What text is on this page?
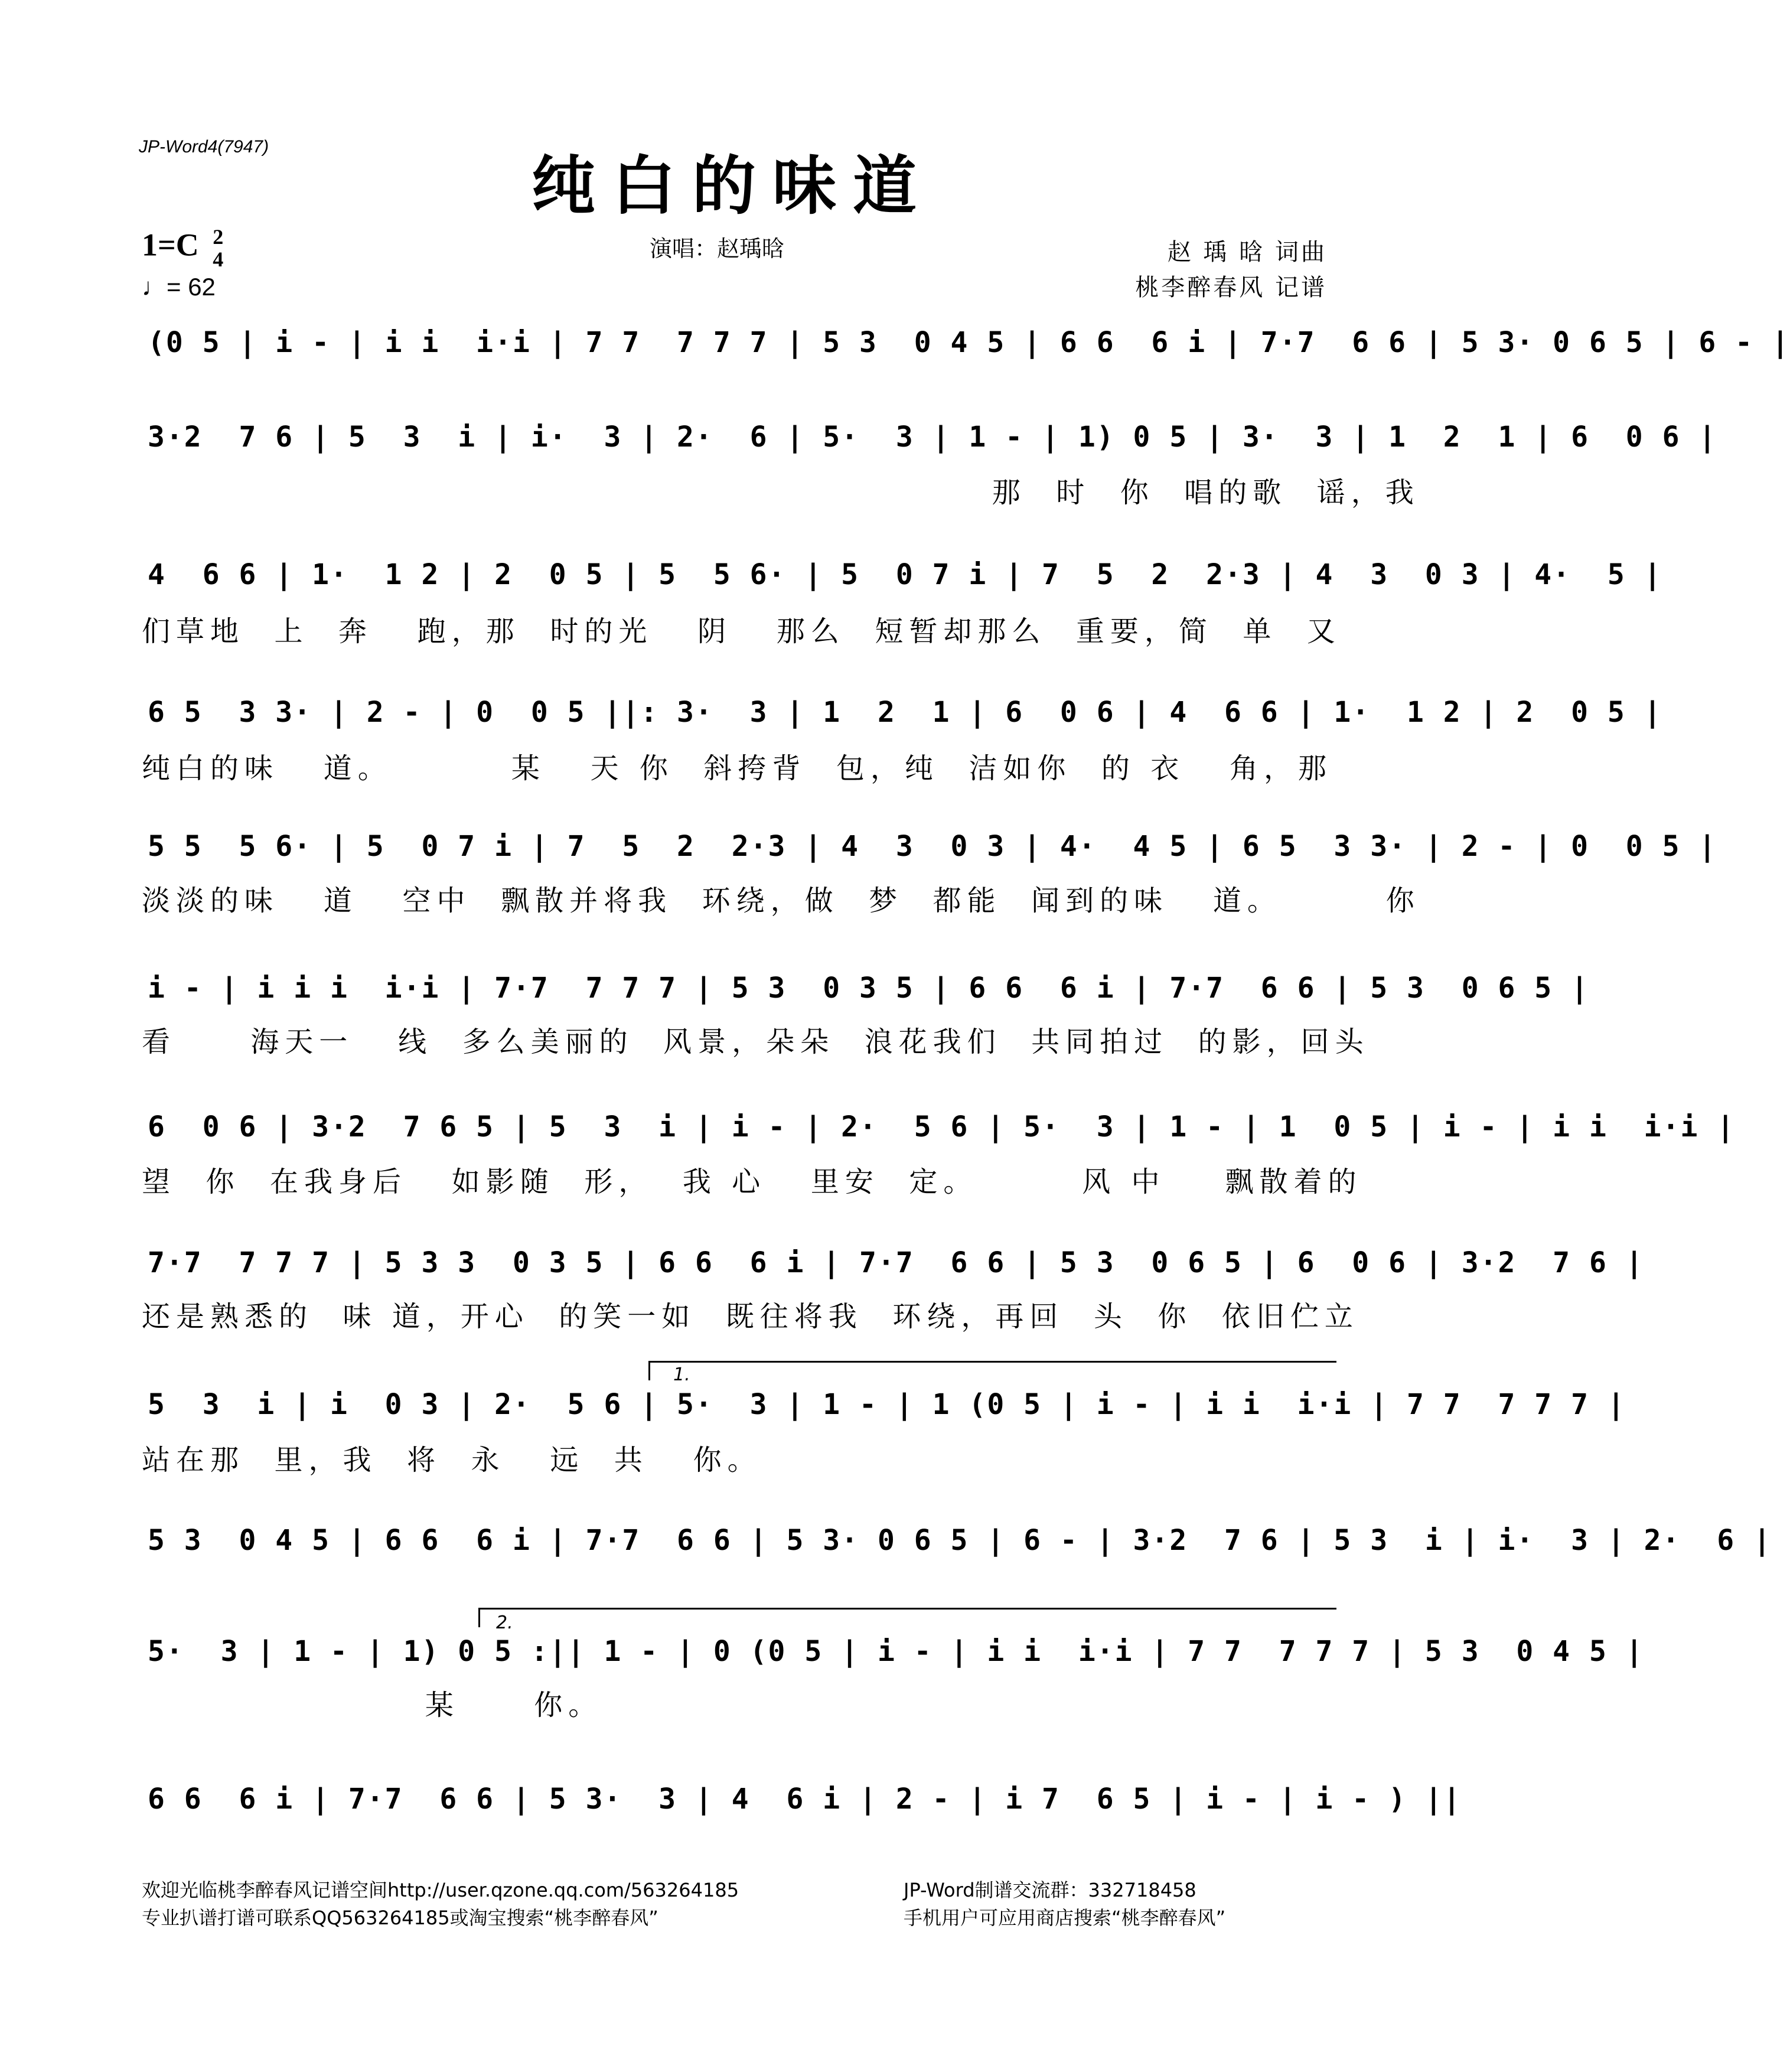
JP-Word4(7947)
纯白的味道
1=C 2
4
♩= 62
演唱：赵瑀晗	赵 瑀 晗 词曲
桃李醉春风 记谱
(0 5 | i - | i i  i·i | 7 7  7 7 7 | 5 3  0 4 5 | 6 6  6 i | 7·7  6 6 | 5 3· 0 6 5 | 6 - |
3·2  7 6 | 5  3  i | i·  3 | 2·  6 | 5·  3 | 1 - | 1) 0 5 | 3·  3 | 1  2  1 | 6  0 6 |
那  时  你  唱的歌  谣，我
4  6 6 | 1·  1 2 | 2  0 5 | 5  5 6· | 5  0 7 i | 7  5  2  2·3 | 4  3  0 3 | 4·  5 |
们草地  上  奔   跑，那  时的光   阴   那么  短暂却那么  重要，简  单  又
6 5  3 3· | 2 - | 0  0 5 ||: 3·  3 | 1  2  1 | 6  0 6 | 4  6 6 | 1·  1 2 | 2  0 5 |
纯白的味   道。        某   天 你  斜挎背  包，纯  洁如你  的 衣   角，那
5 5  5 6· | 5  0 7 i | 7  5  2  2·3 | 4  3  0 3 | 4·  4 5 | 6 5  3 3· | 2 - | 0  0 5 |
淡淡的味   道   空中  飘散并将我  环绕，做  梦  都能  闻到的味   道。       你
i - | i i i  i·i | 7·7  7 7 7 | 5 3  0 3 5 | 6 6  6 i | 7·7  6 6 | 5 3  0 6 5 |
看     海天一   线  多么美丽的  风景，朵朵  浪花我们  共同拍过  的影，回头
6  0 6 | 3·2  7 6 5 | 5  3  i | i - | 2·  5 6 | 5·  3 | 1 - | 1  0 5 | i - | i i  i·i |
望  你  在我身后   如影随  形，  我 心   里安  定。       风 中    飘散着的
7·7  7 7 7 | 5 3 3  0 3 5 | 6 6  6 i | 7·7  6 6 | 5 3  0 6 5 | 6  0 6 | 3·2  7 6 |
还是熟悉的  味 道，开心  的笑一如  既往将我  环绕，再回  头  你  依旧伫立
1.
5  3  i | i  0 3 | 2·  5 6 | 5·  3 | 1 - | 1 (0 5 | i - | i i  i·i | 7 7  7 7 7 |
站在那  里，我  将  永   远  共   你。
5 3  0 4 5 | 6 6  6 i | 7·7  6 6 | 5 3· 0 6 5 | 6 - | 3·2  7 6 | 5 3  i | i·  3 | 2·  6 |
2.
5·  3 | 1 - | 1) 0 5 :|| 1 - | 0 (0 5 | i - | i i  i·i | 7 7  7 7 7 | 5 3  0 4 5 |
某     你。
6 6  6 i | 7·7  6 6 | 5 3·  3 | 4  6 i | 2 - | i 7  6 5 | i - | i - ) ||
欢迎光临桃李醉春风记谱空间http://user.qzone.qq.com/563264185	JP-Word制谱交流群：332718458
专业扒谱打谱可联系QQ563264185或淘宝搜索“桃李醉春风”	手机用户可应用商店搜索“桃李醉春风”
